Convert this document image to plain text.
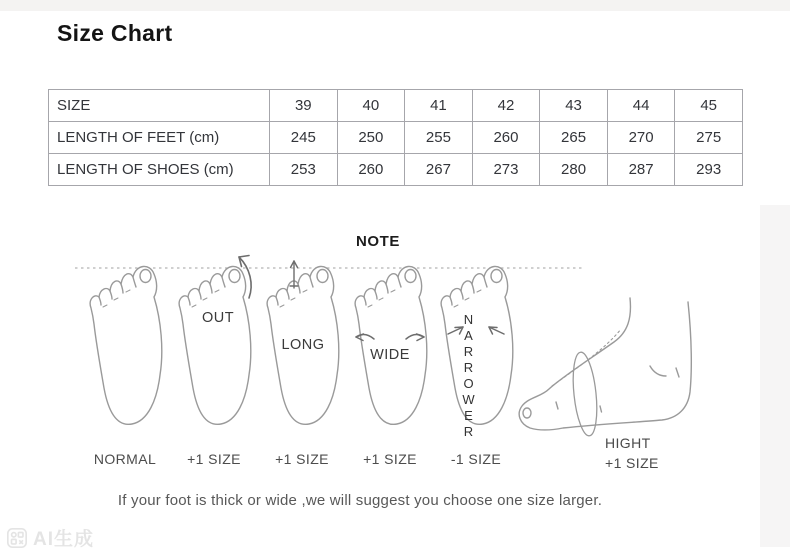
Size Chart
SIZE	39	40	41	42	43	44	45
LENGTH OF FEET (cm)	245	250	255	260	265	270	275
LENGTH OF SHOES (cm)	253	260	267	273	280	287	293
NOTE
OUT
LONG
WIDE	NARROWER
NORMAL	+1 SIZE	+1 SIZE	+1 SIZE	-1 SIZE
HIGHT
+1 SIZE
If your foot is thick or wide ,we will suggest you choose one size larger.
AI生成
